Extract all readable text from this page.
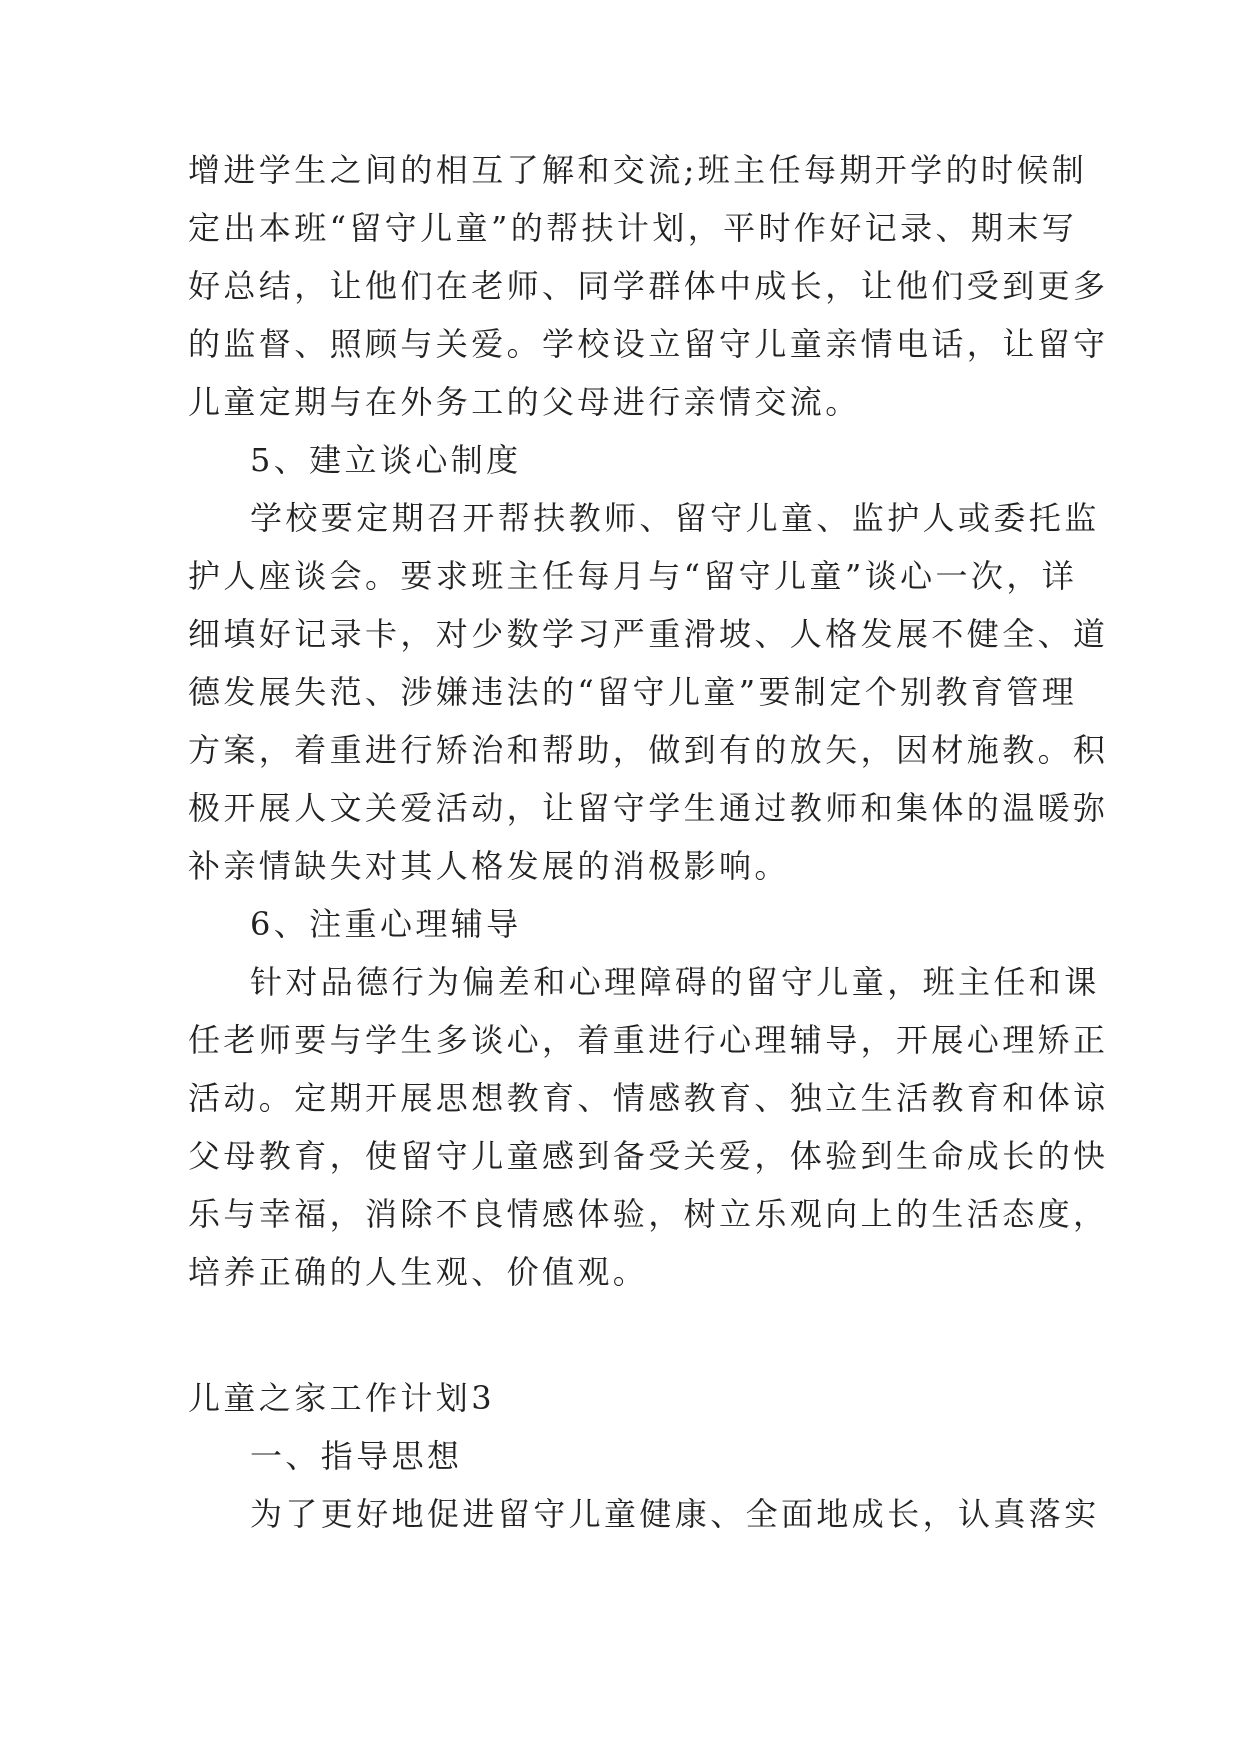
增进学生之间的相互了解和交流;班主任每期开学的时候制
定出本班“留守儿童”的帮扶计划，平时作好记录、期末写
好总结，让他们在老师、同学群体中成长，让他们受到更多
的监督、照顾与关爱。学校设立留守儿童亲情电话，让留守
儿童定期与在外务工的父母进行亲情交流。
5、建立谈心制度
学校要定期召开帮扶教师、留守儿童、监护人或委托监
护人座谈会。要求班主任每月与“留守儿童”谈心一次，详
细填好记录卡，对少数学习严重滑坡、人格发展不健全、道
德发展失范、涉嫌违法的“留守儿童”要制定个别教育管理
方案，着重进行矫治和帮助，做到有的放矢，因材施教。积
极开展人文关爱活动，让留守学生通过教师和集体的温暖弥
补亲情缺失对其人格发展的消极影响。
6、注重心理辅导
针对品德行为偏差和心理障碍的留守儿童，班主任和课
任老师要与学生多谈心，着重进行心理辅导，开展心理矫正
活动。定期开展思想教育、情感教育、独立生活教育和体谅
父母教育，使留守儿童感到备受关爱，体验到生命成长的快
乐与幸福，消除不良情感体验，树立乐观向上的生活态度，
培养正确的人生观、价值观。
儿童之家工作计划3
一、指导思想
为了更好地促进留守儿童健康、全面地成长，认真落实
